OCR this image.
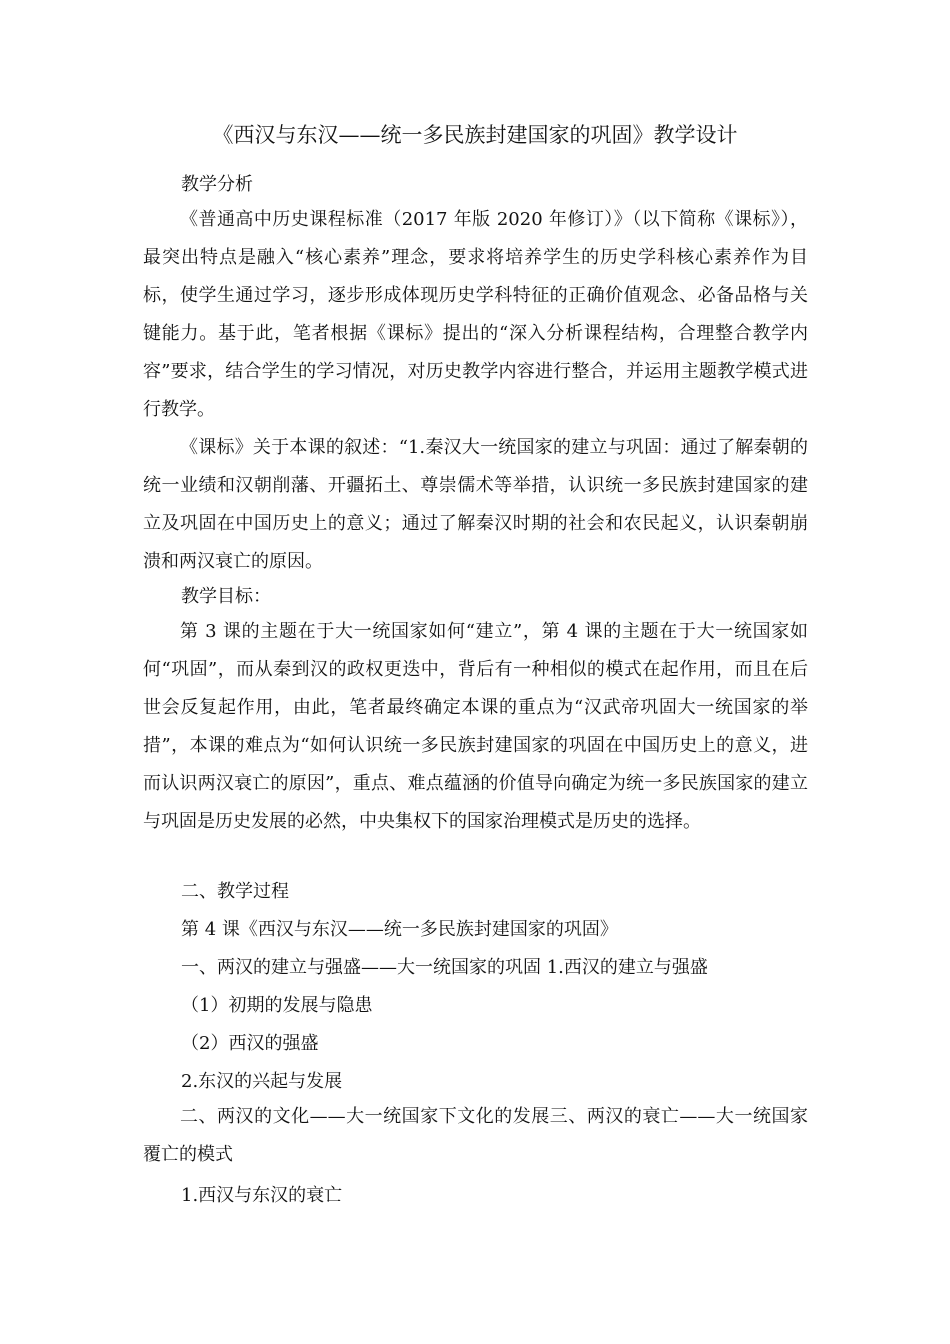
《西汉与东汉——统一多民族封建国家的巩固》教学设计
教学分析

《普通高中历史课程标准（2017 年版 2020 年修订）》（以下简称《课标》），最突出特点是融入“核心素养”理念，要求将培养学生的历史学科核心素养作为目标，使学生通过学习，逐步形成体现历史学科特征的正确价值观念、必备品格与关键能力。基于此，笔者根据《课标》提出的“深入分析课程结构，合理整合教学内容”要求，结合学生的学习情况，对历史教学内容进行整合，并运用主题教学模式进行教学。

《课标》关于本课的叙述：“1.秦汉大一统国家的建立与巩固：通过了解秦朝的统一业绩和汉朝削藩、开疆拓土、尊崇儒术等举措，认识统一多民族封建国家的建立及巩固在中国历史上的意义；通过了解秦汉时期的社会和农民起义，认识秦朝崩溃和两汉衰亡的原因。

教学目标：

第 3 课的主题在于大一统国家如何“建立”，第 4 课的主题在于大一统国家如何“巩固”，而从秦到汉的政权更迭中，背后有一种相似的模式在起作用，而且在后世会反复起作用，由此，笔者最终确定本课的重点为“汉武帝巩固大一统国家的举措”，本课的难点为“如何认识统一多民族封建国家的巩固在中国历史上的意义，进而认识两汉衰亡的原因”，重点、难点蕴涵的价值导向确定为统一多民族国家的建立与巩固是历史发展的必然，中央集权下的国家治理模式是历史的选择。

二、教学过程
第 4 课《西汉与东汉——统一多民族封建国家的巩固》
一、两汉的建立与强盛——大一统国家的巩固 1.西汉的建立与强盛
（1）初期的发展与隐患
（2）西汉的强盛
2.东汉的兴起与发展

二、两汉的文化——大一统国家下文化的发展三、两汉的衰亡——大一统国家覆亡的模式

1.西汉与东汉的衰亡
